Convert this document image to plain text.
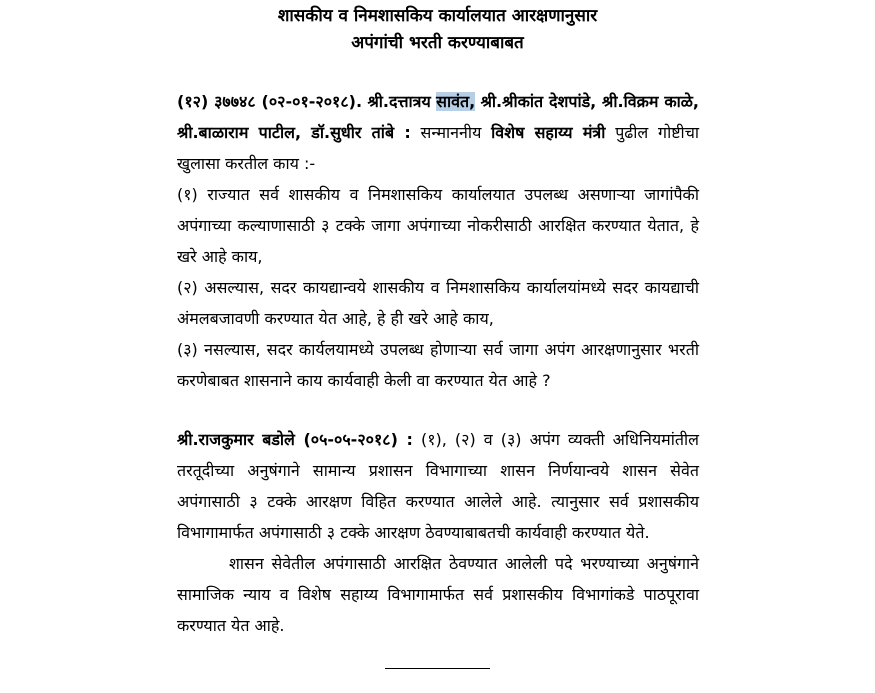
शासकीय व निमशासकिय कार्यालयात आरक्षणानुसार
अपंगांची भरती करण्याबाबत

(१२) ३७७४८ (०२-०१-२०१८). श्री.दत्तात्रय सावंत, श्री.श्रीकांत देशपांडे, श्री.विक्रम काळे, श्री.बाळाराम पाटील, डॉ.सुधीर तांबे : सन्माननीय विशेष सहाय्य मंत्री पुढील गोष्टीचा खुलासा करतील काय :-

(१) राज्यात सर्व शासकीय व निमशासकिय कार्यालयात उपलब्ध असणाऱ्या जागांपैकी अपंगाच्या कल्याणासाठी ३ टक्के जागा अपंगाच्या नोकरीसाठी आरक्षित करण्यात येतात, हे खरे आहे काय,

(२) असल्यास, सदर कायद्यान्वये शासकीय व निमशासकिय कार्यालयांमध्ये सदर कायद्याची अंमलबजावणी करण्यात येत आहे, हे ही खरे आहे काय,

(३) नसल्यास, सदर कार्यलयामध्ये उपलब्ध होणाऱ्या सर्व जागा अपंग आरक्षणानुसार भरती करणेबाबत शासनाने काय कार्यवाही केली वा करण्यात येत आहे ?

श्री.राजकुमार बडोले (०५-०५-२०१८) : (१), (२) व (३) अपंग व्यक्ती अधिनियमांतील तरतूदीच्या अनुषंगाने सामान्य प्रशासन विभागाच्या शासन निर्णयान्वये शासन सेवेत अपंगासाठी ३ टक्के आरक्षण विहित करण्यात आलेले आहे. त्यानुसार सर्व प्रशासकीय विभागामार्फत अपंगासाठी ३ टक्के आरक्षण ठेवण्याबाबतची कार्यवाही करण्यात येते.

शासन सेवेतील अपंगासाठी आरक्षित ठेवण्यात आलेली पदे भरण्याच्या अनुषंगाने सामाजिक न्याय व विशेष सहाय्य विभागामार्फत सर्व प्रशासकीय विभागांकडे पाठपूरावा करण्यात येत आहे.
